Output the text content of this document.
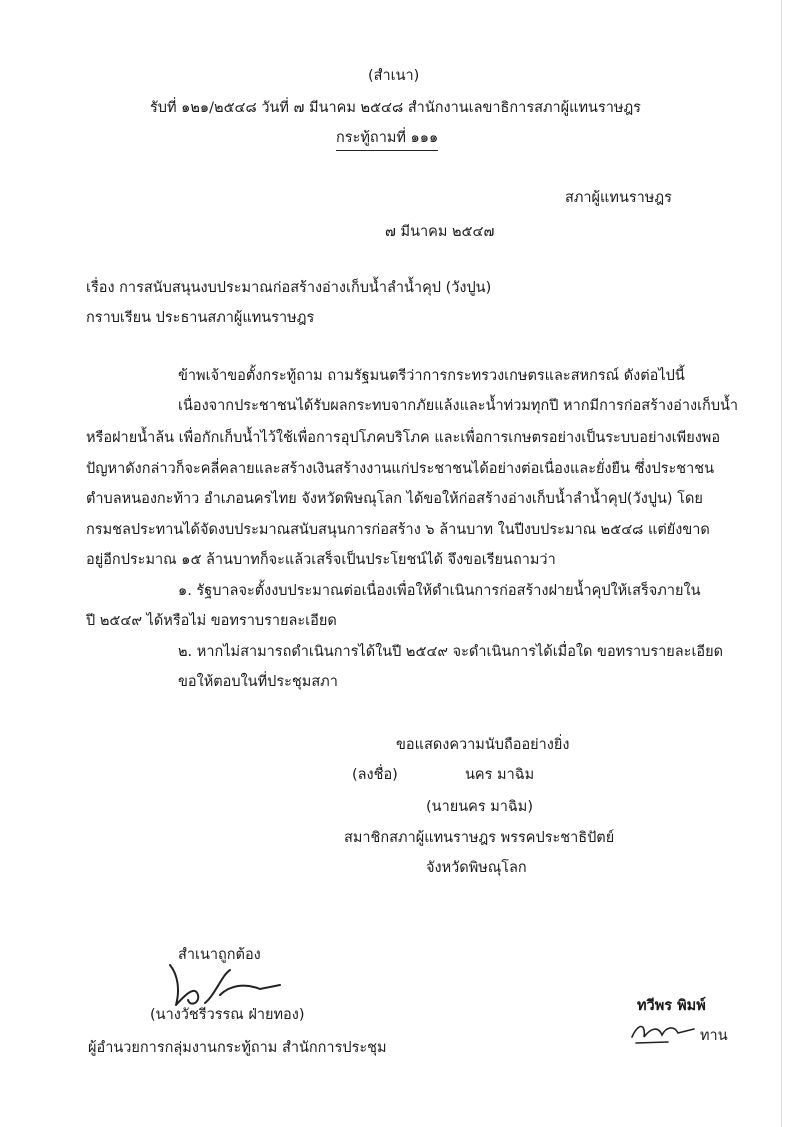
(สำเนา)
รับที่ ๑๒๑/๒๕๔๘ วันที่ ๗ มีนาคม ๒๕๔๘ สำนักงานเลขาธิการสภาผู้แทนราษฎร
กระทู้ถามที่ ๑๑๑
สภาผู้แทนราษฎร
๗ มีนาคม ๒๕๔๗
เรื่อง การสนับสนุนงบประมาณก่อสร้างอ่างเก็บน้ำลำน้ำคุป (วังปูน)
กราบเรียน ประธานสภาผู้แทนราษฎร
ข้าพเจ้าขอตั้งกระทู้ถาม ถามรัฐมนตรีว่าการกระทรวงเกษตรและสหกรณ์ ดังต่อไปนี้
เนื่องจากประชาชนได้รับผลกระทบจากภัยแล้งและน้ำท่วมทุกปี หากมีการก่อสร้างอ่างเก็บน้ำ
หรือฝายน้ำล้น เพื่อกักเก็บน้ำไว้ใช้เพื่อการอุปโภคบริโภค และเพื่อการเกษตรอย่างเป็นระบบอย่างเพียงพอ
ปัญหาดังกล่าวก็จะคลี่คลายและสร้างเงินสร้างงานแก่ประชาชนได้อย่างต่อเนื่องและยั่งยืน ซึ่งประชาชน
ตำบลหนองกะท้าว อำเภอนครไทย จังหวัดพิษณุโลก ได้ขอให้ก่อสร้างอ่างเก็บน้ำลำน้ำคุป(วังปูน) โดย
กรมชลประทานได้จัดงบประมาณสนับสนุนการก่อสร้าง ๖ ล้านบาท ในปีงบประมาณ ๒๕๔๘ แต่ยังขาด
อยู่อีกประมาณ ๑๕ ล้านบาทก็จะแล้วเสร็จเป็นประโยชน์ได้ จึงขอเรียนถามว่า
๑. รัฐบาลจะตั้งงบประมาณต่อเนื่องเพื่อให้ดำเนินการก่อสร้างฝายน้ำคุปให้เสร็จภายใน
ปี ๒๕๔๙ ได้หรือไม่ ขอทราบรายละเอียด
๒. หากไม่สามารถดำเนินการได้ในปี ๒๕๔๙ จะดำเนินการได้เมื่อใด ขอทราบรายละเอียด
ขอให้ตอบในที่ประชุมสภา
ขอแสดงความนับถืออย่างยิ่ง
(ลงชื่อ)	นคร มาฉิม
(นายนคร มาฉิม)
สมาชิกสภาผู้แทนราษฎร พรรคประชาธิปัตย์
จังหวัดพิษณุโลก
สำเนาถูกต้อง
(นางวัชรีวรรณ ฝ่ายทอง)
ผู้อำนวยการกลุ่มงานกระทู้ถาม สำนักการประชุม
ทวีพร พิมพ์
ทาน
